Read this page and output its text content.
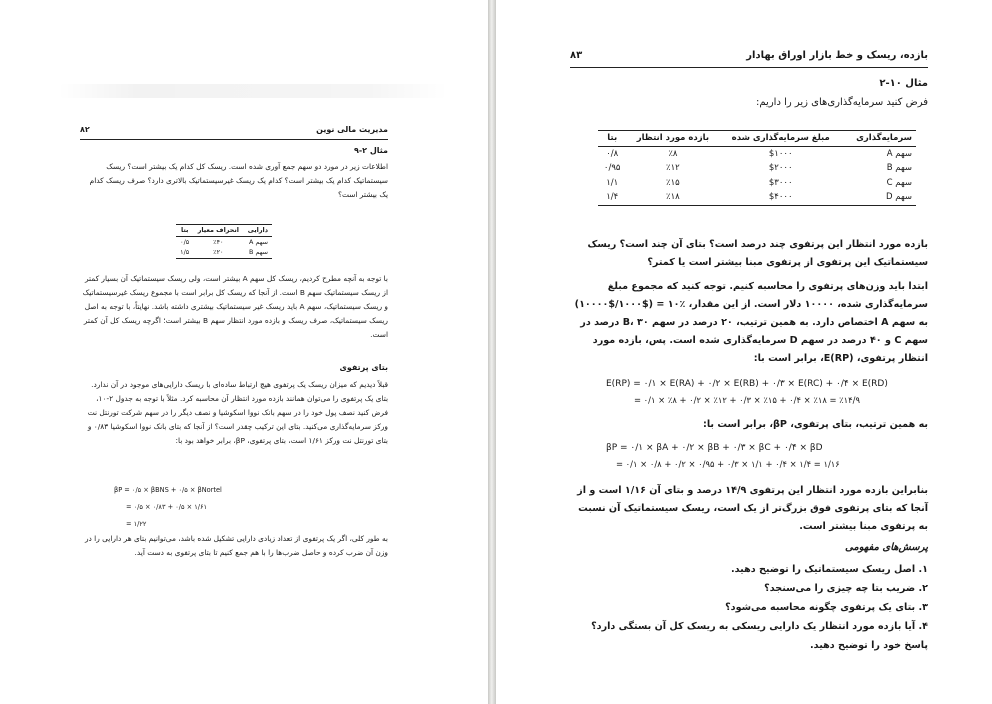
۸۲	مدیریت مالی نوین
مثال ۲-۹
اطلاعات زیر در مورد دو سهم جمع آوری شده است. ریسک کل کدام یک بیشتر است؟ ریسک سیستماتیک کدام یک بیشتر است؟ کدام یک ریسک غیرسیستماتیک بالاتری دارد؟ صرف ریسک کدام یک بیشتر است؟
دارایی	انحراف معیار	بتا
سهم A	٪۴۰	۰/۵
سهم B	٪۲۰	۱/۵
با توجه به آنچه مطرح کردیم، ریسک کل سهم A بیشتر است، ولی ریسک سیستماتیک آن بسیار کمتر از ریسک سیستماتیک سهم B است. از آنجا که ریسک کل برابر است با مجموع ریسک غیرسیستماتیک و ریسک سیستماتیک، سهم A باید ریسک غیر سیستماتیک بیشتری داشته باشد. نهایتاً، با توجه به اصل ریسک سیستماتیک، صرف ریسک و بازده مورد انتظار سهم B بیشتر است؛ اگرچه ریسک کل آن کمتر است.
بتای پرتفوی
قبلاً دیدیم که میزان ریسک یک پرتفوی هیچ ارتباط ساده‌ای با ریسک دارایی‌های موجود در آن ندارد. بتای یک پرتفوی را می‌توان همانند بازده مورد انتظار آن محاسبه کرد. مثلاً با توجه به جدول ۲-۱۰، فرض کنید نصف پول خود را در سهم بانک نووا اسکوشیا و نصف دیگر را در سهم شرکت تورنتل نت ورکز سرمایه‌گذاری می‌کنید. بتای این ترکیب چقدر است؟ از آنجا که بتای بانک نووا اسکوشیا ۰/۸۳ و بتای تورنتل نت ورکز ۱/۶۱ است، بتای پرتفوی، βP، برابر خواهد بود با:
βP = ۰/۵ × βBNS + ۰/۵ × βNortel
= ۰/۵ × ۰/۸۳ + ۰/۵ × ۱/۶۱
= ۱/۲۲
به طور کلی، اگر یک پرتفوی از تعداد زیادی دارایی تشکیل شده باشد، می‌توانیم بتای هر دارایی را در وزن آن ضرب کرده و حاصل ضرب‌ها را با هم جمع کنیم تا بتای پرتفوی به دست آید.
۸۳	بازده، ریسک و خط بازار اوراق بهادار
مثال ۱۰-۲
فرض کنید سرمایه‌گذاری‌های زیر را داریم:
سرمایه‌گذاری	مبلغ سرمایه‌گذاری شده	بازده مورد انتظار	بتا
سهم A	$۱۰۰۰	٪۸	۰/۸
سهم B	$۲۰۰۰	٪۱۲	۰/۹۵
سهم C	$۳۰۰۰	٪۱۵	۱/۱
سهم D	$۴۰۰۰	٪۱۸	۱/۴
بازده مورد انتظار این پرتفوی چند درصد است؟ بتای آن چند است؟ ریسک سیستماتیک این پرتفوی از پرتفوی مبنا بیشتر است یا کمتر؟
ابتدا باید وزن‌های پرتفوی را محاسبه کنیم. توجه کنید که مجموع مبلغ سرمایه‌گذاری شده، ۱۰۰۰۰ دلار است. از این مقدار، ٪۱۰ = ($۱۰۰۰/$۱۰۰۰۰) به سهم A اختصاص دارد. به همین ترتیب، ۲۰ درصد در سهم B، ۳۰ درصد در سهم C و ۴۰ درصد در سهم D سرمایه‌گذاری شده است. پس، بازده مورد انتظار پرتفوی، E(RP)، برابر است با:
E(RP) = ۰/۱ × E(RA) + ۰/۲ × E(RB) + ۰/۳ × E(RC) + ۰/۴ × E(RD)
= ۰/۱ × ٪۸ + ۰/۲ × ٪۱۲ + ۰/۳ × ٪۱۵ + ۰/۴ × ٪۱۸ = ٪۱۴/۹
به همین ترتیب، بتای پرتفوی، βP، برابر است با:
βP = ۰/۱ × βA + ۰/۲ × βB + ۰/۳ × βC + ۰/۴ × βD
= ۰/۱ × ۰/۸ + ۰/۲ × ۰/۹۵ + ۰/۳ × ۱/۱ + ۰/۴ × ۱/۴ = ۱/۱۶
بنابراین بازده مورد انتظار این پرتفوی ۱۴/۹ درصد و بتای آن ۱/۱۶ است و از آنجا که بتای پرتفوی فوق بزرگ‌تر از یک است، ریسک سیستماتیک آن نسبت به پرتفوی مبنا بیشتر است.
پرسش‌های مفهومی
۱. اصل ریسک سیستماتیک را توضیح دهید.
۲. ضریب بتا چه چیزی را می‌سنجد؟
۳. بتای یک پرتفوی چگونه محاسبه می‌شود؟
۴. آیا بازده مورد انتظار یک دارایی ریسکی به ریسک کل آن بستگی دارد؟ پاسخ خود را توضیح دهید.
